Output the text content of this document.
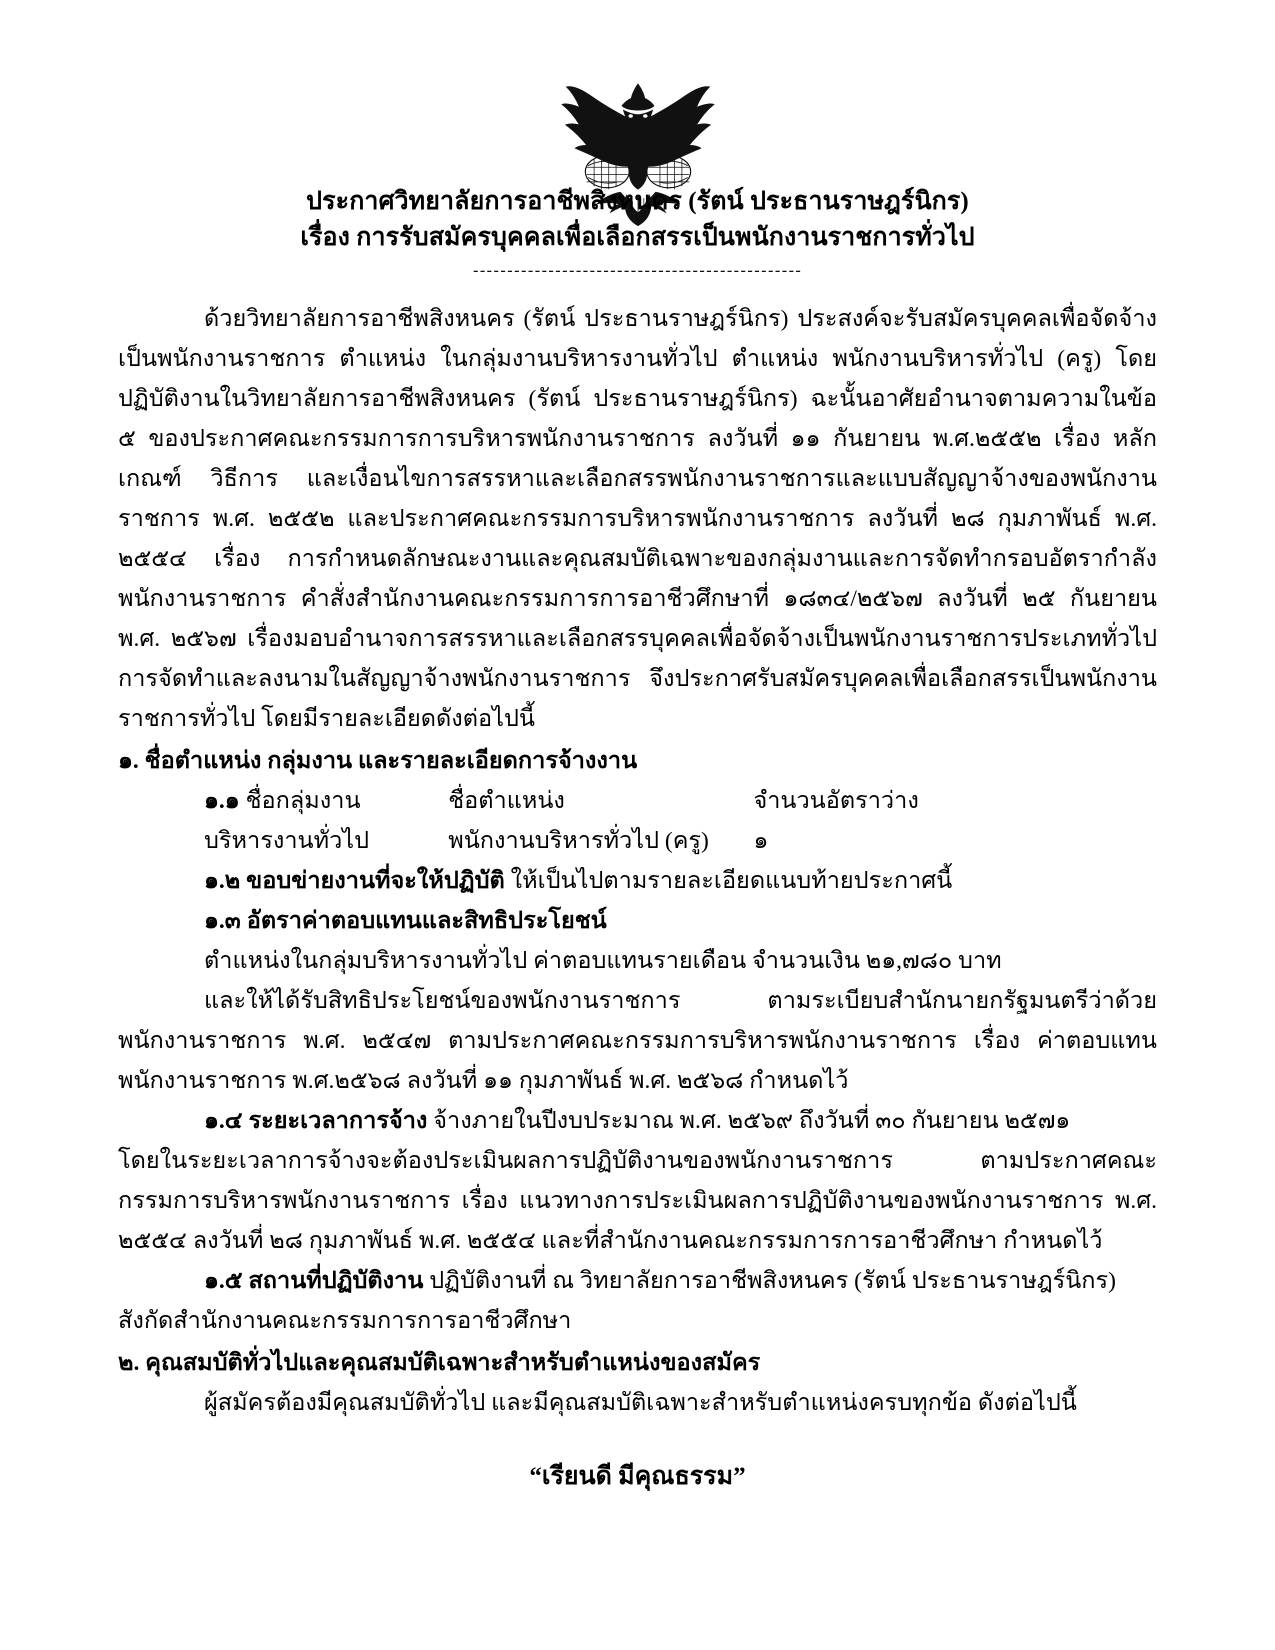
ประกาศวิทยาลัยการอาชีพสิงหนคร (รัตน์ ประธานราษฎร์นิกร)
เรื่อง การรับสมัครบุคคลเพื่อเลือกสรรเป็นพนักงานราชการทั่วไป
------------------------------------------------

ด้วยวิทยาลัยการอาชีพสิงหนคร (รัตน์ ประธานราษฎร์นิกร) ประสงค์จะรับสมัครบุคคลเพื่อจัดจ้างเป็นพนักงานราชการ ตำแหน่ง ในกลุ่มงานบริหารงานทั่วไป ตำแหน่ง พนักงานบริหารทั่วไป (ครู) โดยปฏิบัติงานในวิทยาลัยการอาชีพสิงหนคร (รัตน์ ประธานราษฎร์นิกร) ฉะนั้นอาศัยอำนาจตามความในข้อ ๕ ของประกาศคณะกรรมการการบริหารพนักงานราชการ ลงวันที่ ๑๑ กันยายน พ.ศ.๒๕๕๒ เรื่อง หลักเกณฑ์ วิธีการ และเงื่อนไขการสรรหาและเลือกสรรพนักงานราชการและแบบสัญญาจ้างของพนักงานราชการ พ.ศ. ๒๕๕๒ และประกาศคณะกรรมการบริหารพนักงานราชการ ลงวันที่ ๒๘ กุมภาพันธ์ พ.ศ. ๒๕๕๔ เรื่อง การกำหนดลักษณะงานและคุณสมบัติเฉพาะของกลุ่มงานและการจัดทำกรอบอัตรากำลังพนักงานราชการ คำสั่งสำนักงานคณะกรรมการการอาชีวศึกษาที่ ๑๘๓๔/๒๕๖๗ ลงวันที่ ๒๕ กันยายน พ.ศ. ๒๕๖๗ เรื่องมอบอำนาจการสรรหาและเลือกสรรบุคคลเพื่อจัดจ้างเป็นพนักงานราชการประเภททั่วไปการจัดทำและลงนามในสัญญาจ้างพนักงานราชการ จึงประกาศรับสมัครบุคคลเพื่อเลือกสรรเป็นพนักงานราชการทั่วไป โดยมีรายละเอียดดังต่อไปนี้

๑. ชื่อตำแหน่ง กลุ่มงาน และรายละเอียดการจ้างงาน
๑.๑ ชื่อกลุ่มงาน	ชื่อตำแหน่ง	จำนวนอัตราว่าง
บริหารงานทั่วไป	พนักงานบริหารทั่วไป (ครู)	๑
๑.๒ ขอบข่ายงานที่จะให้ปฏิบัติ ให้เป็นไปตามรายละเอียดแนบท้ายประกาศนี้
๑.๓ อัตราค่าตอบแทนและสิทธิประโยชน์
ตำแหน่งในกลุ่มบริหารงานทั่วไป ค่าตอบแทนรายเดือน จำนวนเงิน ๒๑,๗๘๐ บาท

และให้ได้รับสิทธิประโยชน์ของพนักงานราชการ ตามระเบียบสำนักนายกรัฐมนตรีว่าด้วยพนักงานราชการ พ.ศ. ๒๕๔๗ ตามประกาศคณะกรรมการบริหารพนักงานราชการ เรื่อง ค่าตอบแทนพนักงานราชการ พ.ศ.๒๕๖๘ ลงวันที่ ๑๑ กุมภาพันธ์ พ.ศ. ๒๕๖๘ กำหนดไว้

๑.๔ ระยะเวลาการจ้าง จ้างภายในปีงบประมาณ พ.ศ. ๒๕๖๙ ถึงวันที่ ๓๐ กันยายน ๒๕๗๑

โดยในระยะเวลาการจ้างจะต้องประเมินผลการปฏิบัติงานของพนักงานราชการ ตามประกาศคณะกรรมการบริหารพนักงานราชการ เรื่อง แนวทางการประเมินผลการปฏิบัติงานของพนักงานราชการ พ.ศ. ๒๕๕๔ ลงวันที่ ๒๘ กุมภาพันธ์ พ.ศ. ๒๕๕๔ และที่สำนักงานคณะกรรมการการอาชีวศึกษา กำหนดไว้

๑.๕ สถานที่ปฏิบัติงาน ปฏิบัติงานที่ ณ วิทยาลัยการอาชีพสิงหนคร (รัตน์ ประธานราษฎร์นิกร)
สังกัดสำนักงานคณะกรรมการการอาชีวศึกษา
๒. คุณสมบัติทั่วไปและคุณสมบัติเฉพาะสำหรับตำแหน่งของสมัคร
ผู้สมัครต้องมีคุณสมบัติทั่วไป และมีคุณสมบัติเฉพาะสำหรับตำแหน่งครบทุกข้อ ดังต่อไปนี้
“เรียนดี มีคุณธรรม”
